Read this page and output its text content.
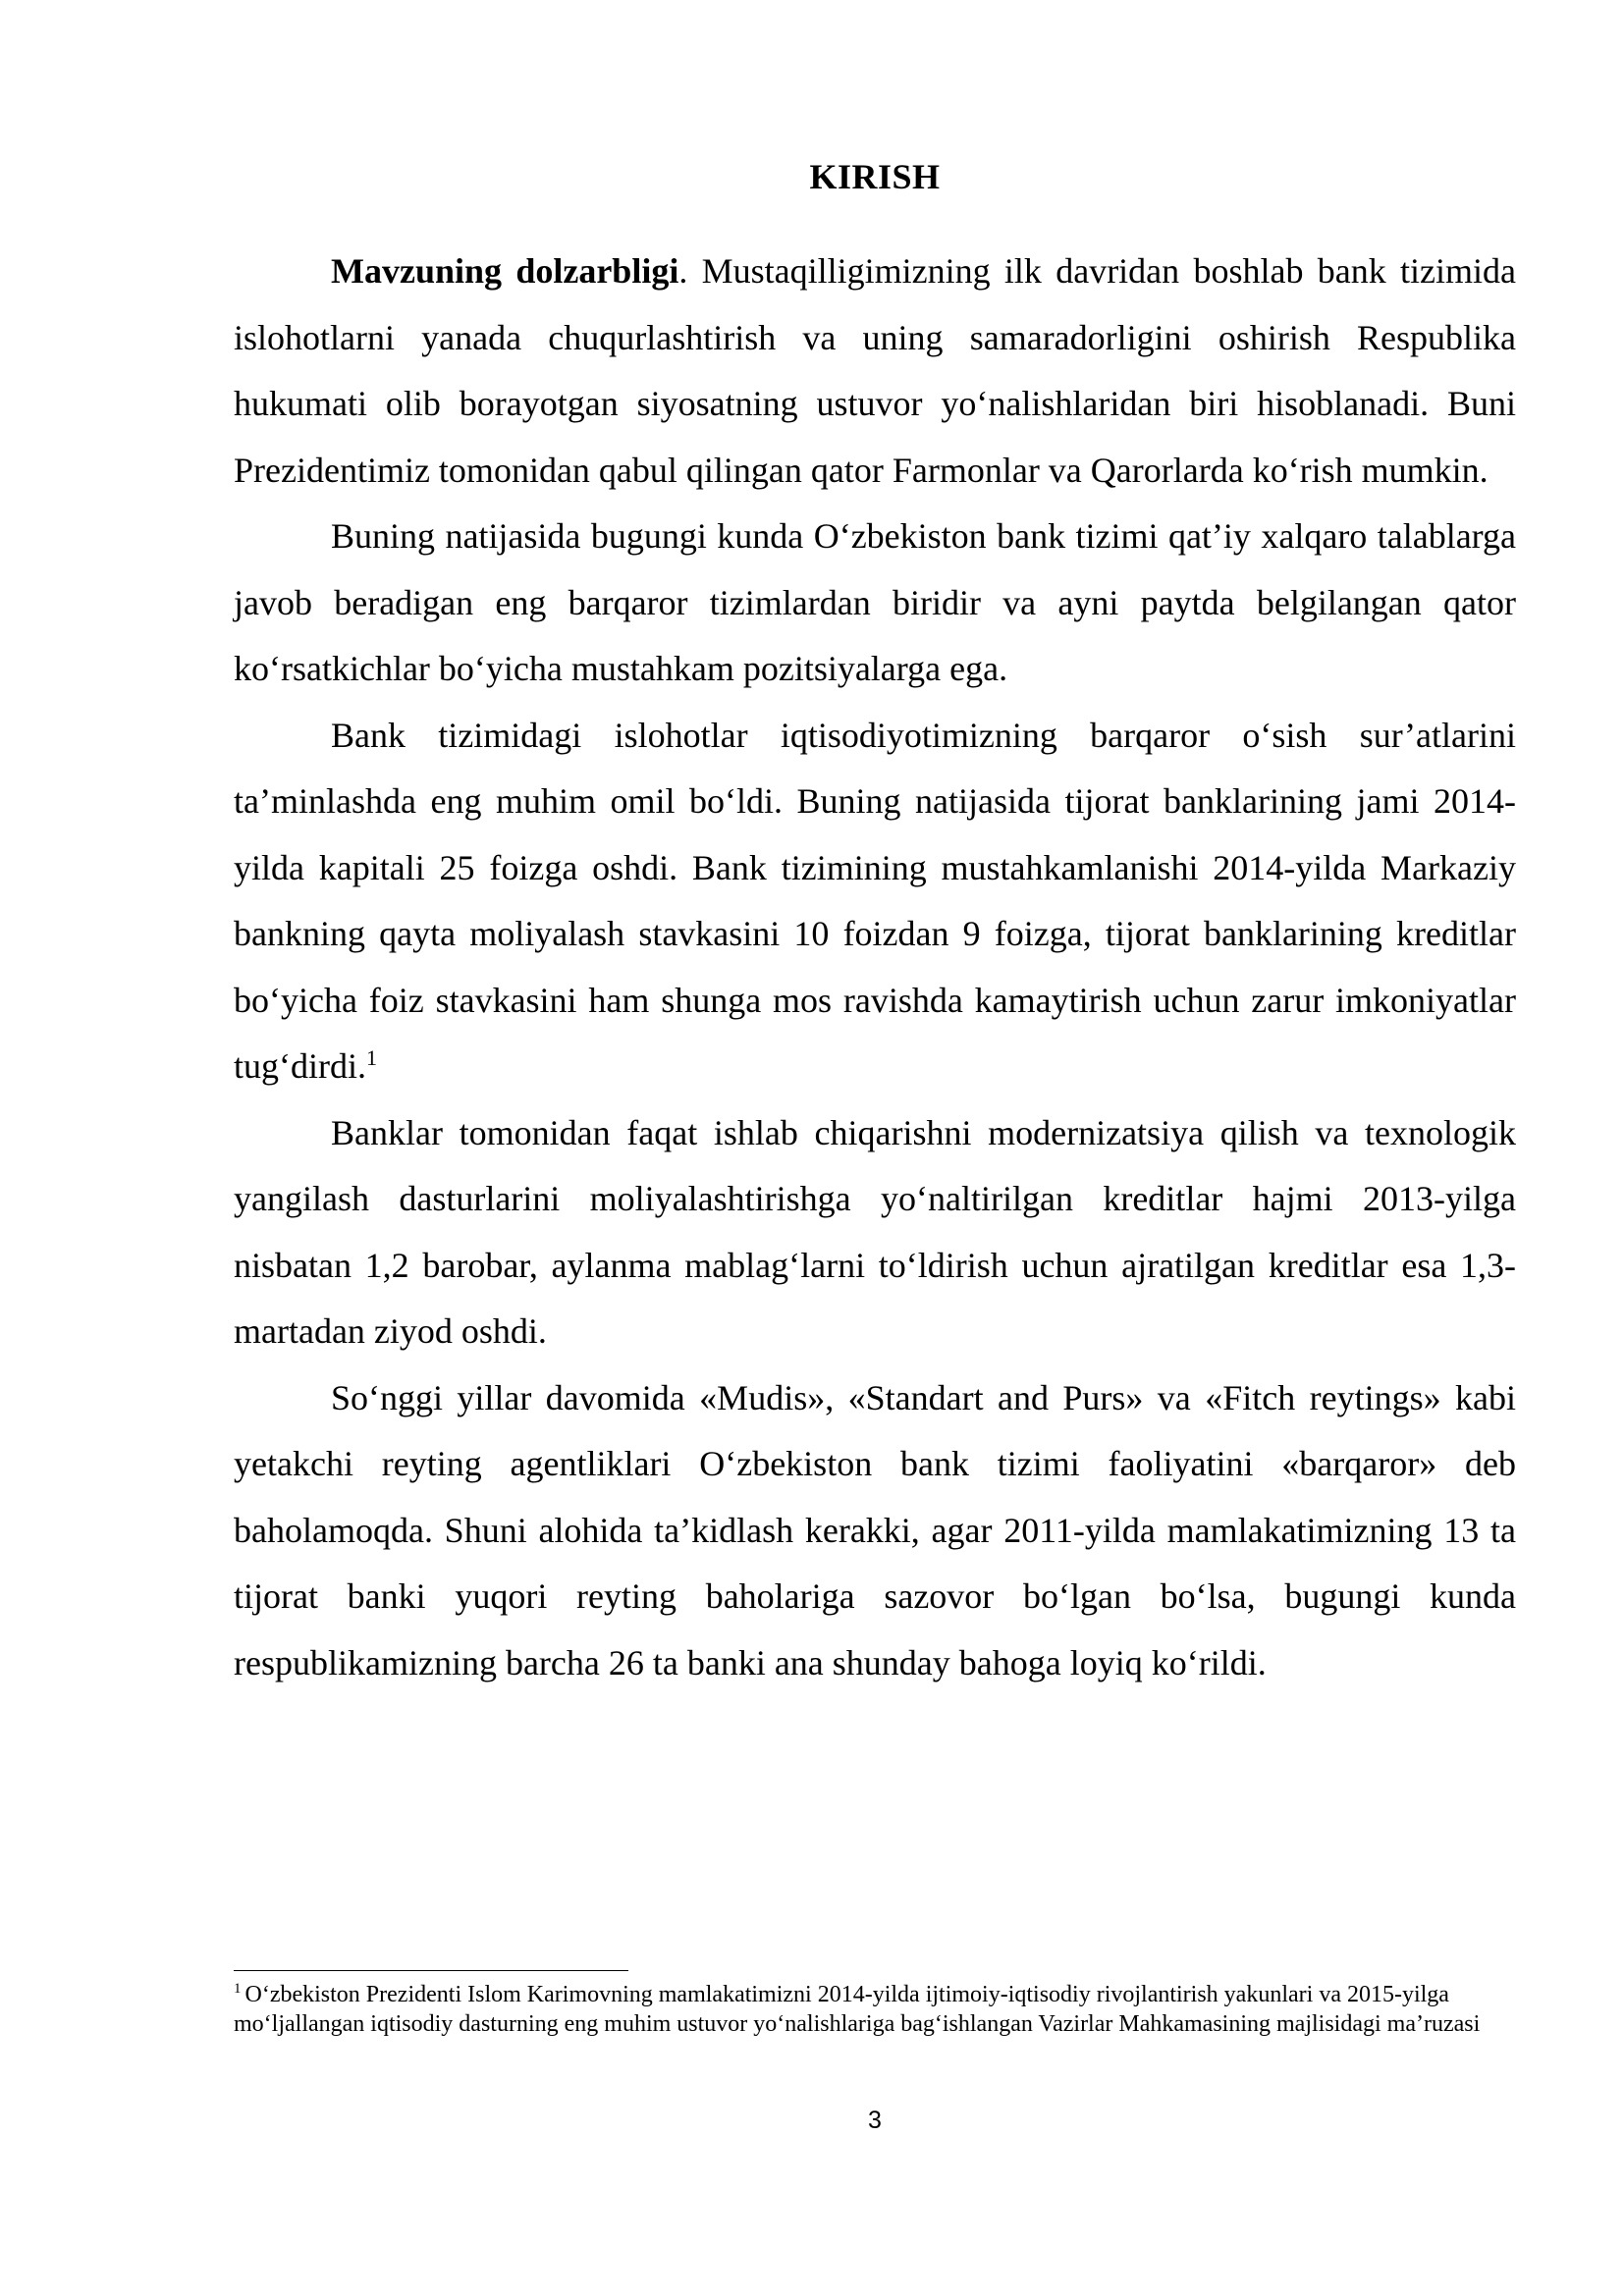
KIRISH

Mavzuning dolzarbligi. Mustaqilligimizning ilk davridan boshlab bank tizimida islohotlarni yanada chuqurlashtirish va uning samaradorligini oshirish Respublika hukumati olib borayotgan siyosatning ustuvor yo‘nalishlaridan biri hisoblanadi. Buni Prezidentimiz tomonidan qabul qilingan qator Farmonlar va Qarorlarda ko‘rish mumkin.

Buning natijasida bugungi kunda O‘zbekiston bank tizimi qat’iy xalqaro talablarga javob beradigan eng barqaror tizimlardan biridir va ayni paytda belgilangan qator ko‘rsatkichlar bo‘yicha mustahkam pozitsiyalarga ega.

Bank tizimidagi islohotlar iqtisodiyotimizning barqaror o‘sish sur’atlarini ta’minlashda eng muhim omil bo‘ldi. Buning natijasida tijorat banklarining jami 2014-yilda kapitali 25 foizga oshdi. Bank tizimining mustahkamlanishi 2014-yilda Markaziy bankning qayta moliyalash stavkasini 10 foizdan 9 foizga, tijorat banklarining kreditlar bo‘yicha foiz stavkasini ham shunga mos ravishda kamaytirish uchun zarur imkoniyatlar tug‘dirdi.$^1$

Banklar tomonidan faqat ishlab chiqarishni modernizatsiya qilish va texnologik yangilash dasturlarini moliyalashtirishga yo‘naltirilgan kreditlar hajmi 2013-yilga nisbatan 1,2 barobar, aylanma mablag‘larni to‘ldirish uchun ajratilgan kreditlar esa 1,3-martadan ziyod oshdi.

So‘nggi yillar davomida «Mudis», «Standart and Purs» va «Fitch reytings» kabi yetakchi reyting agentliklari O‘zbekiston bank tizimi faoliyatini «barqaror» deb baholamoqda. Shuni alohida ta’kidlash kerakki, agar 2011-yilda mamlakatimizning 13 ta tijorat banki yuqori reyting baholariga sazovor bo‘lgan bo‘lsa, bugungi kunda respublikamizning barcha 26 ta banki ana shunday bahoga loyiq ko‘rildi.

$^1$ O‘zbekiston Prezidenti Islom Karimovning mamlakatimizni 2014-yilda ijtimoiy-iqtisodiy rivojlantirish yakunlari va 2015-yilga mo‘ljallangan iqtisodiy dasturning eng muhim ustuvor yo‘nalishlariga bag‘ishlangan Vazirlar Mahkamasining majlisidagi ma’ruzasi
3
